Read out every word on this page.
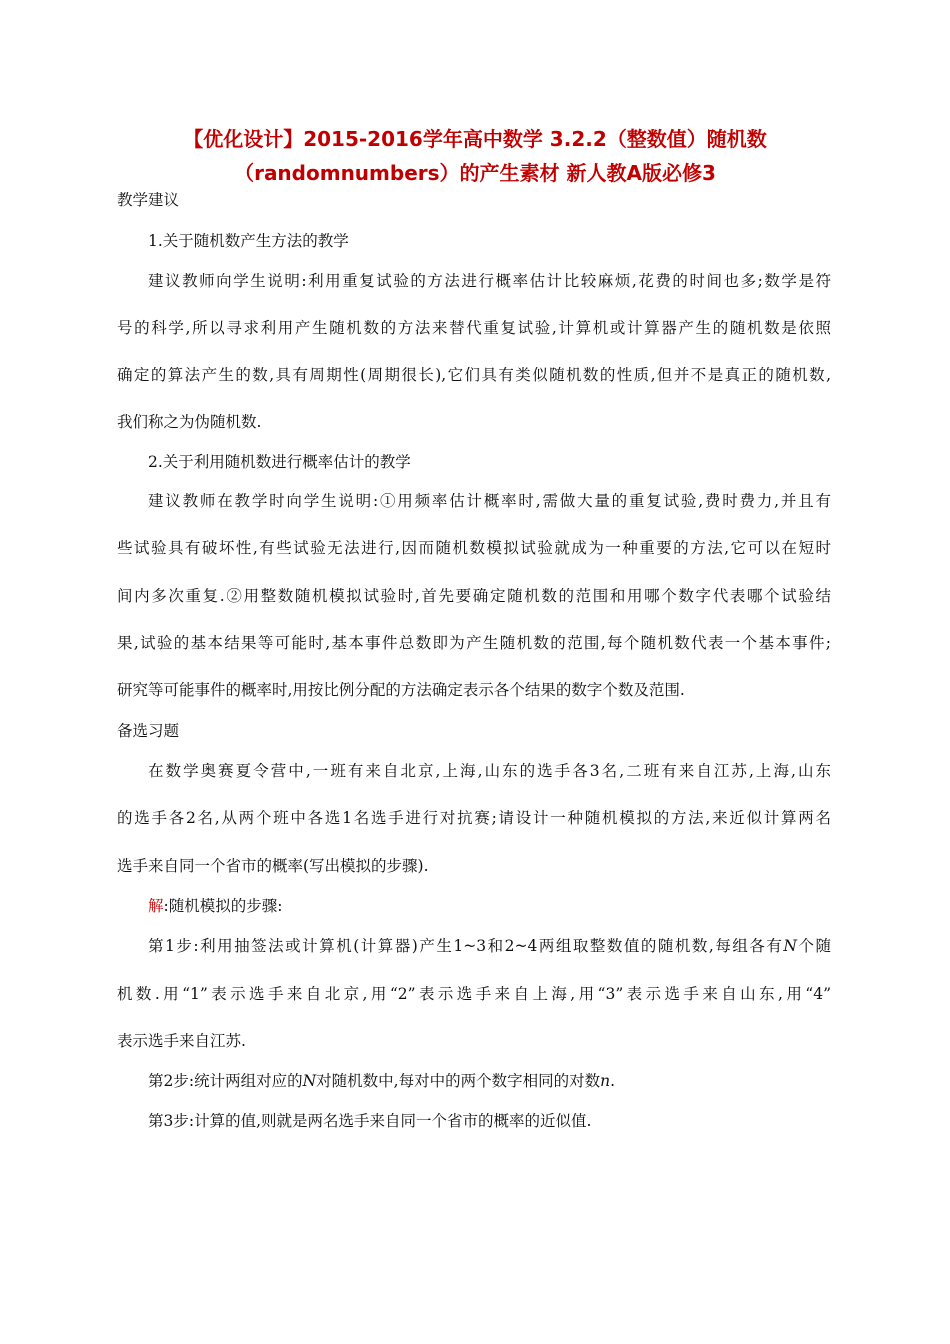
【优化设计】2015-2016学年高中数学 3.2.2（整数值）随机数
（randomnumbers）的产生素材 新人教A版必修3
教学建议
1.关于随机数产生方法的教学
建议教师向学生说明:利用重复试验的方法进行概率估计比较麻烦,花费的时间也多;数学是符
号的科学,所以寻求利用产生随机数的方法来替代重复试验,计算机或计算器产生的随机数是依照
确定的算法产生的数,具有周期性(周期很长),它们具有类似随机数的性质,但并不是真正的随机数,
我们称之为伪随机数.
2.关于利用随机数进行概率估计的教学
建议教师在教学时向学生说明:①用频率估计概率时,需做大量的重复试验,费时费力,并且有
些试验具有破坏性,有些试验无法进行,因而随机数模拟试验就成为一种重要的方法,它可以在短时
间内多次重复.②用整数随机模拟试验时,首先要确定随机数的范围和用哪个数字代表哪个试验结
果,试验的基本结果等可能时,基本事件总数即为产生随机数的范围,每个随机数代表一个基本事件;
研究等可能事件的概率时,用按比例分配的方法确定表示各个结果的数字个数及范围.
备选习题
在数学奥赛夏令营中,一班有来自北京,上海,山东的选手各3名,二班有来自江苏,上海,山东
的选手各2名,从两个班中各选1名选手进行对抗赛;请设计一种随机模拟的方法,来近似计算两名
选手来自同一个省市的概率(写出模拟的步骤).
解:随机模拟的步骤:
第1步:利用抽签法或计算机(计算器)产生1~3和2~4两组取整数值的随机数,每组各有N个随
机数.用“1”表示选手来自北京,用“2”表示选手来自上海,用“3”表示选手来自山东,用“4”
表示选手来自江苏.
第2步:统计两组对应的N对随机数中,每对中的两个数字相同的对数n.
第3步:计算的值,则就是两名选手来自同一个省市的概率的近似值.
